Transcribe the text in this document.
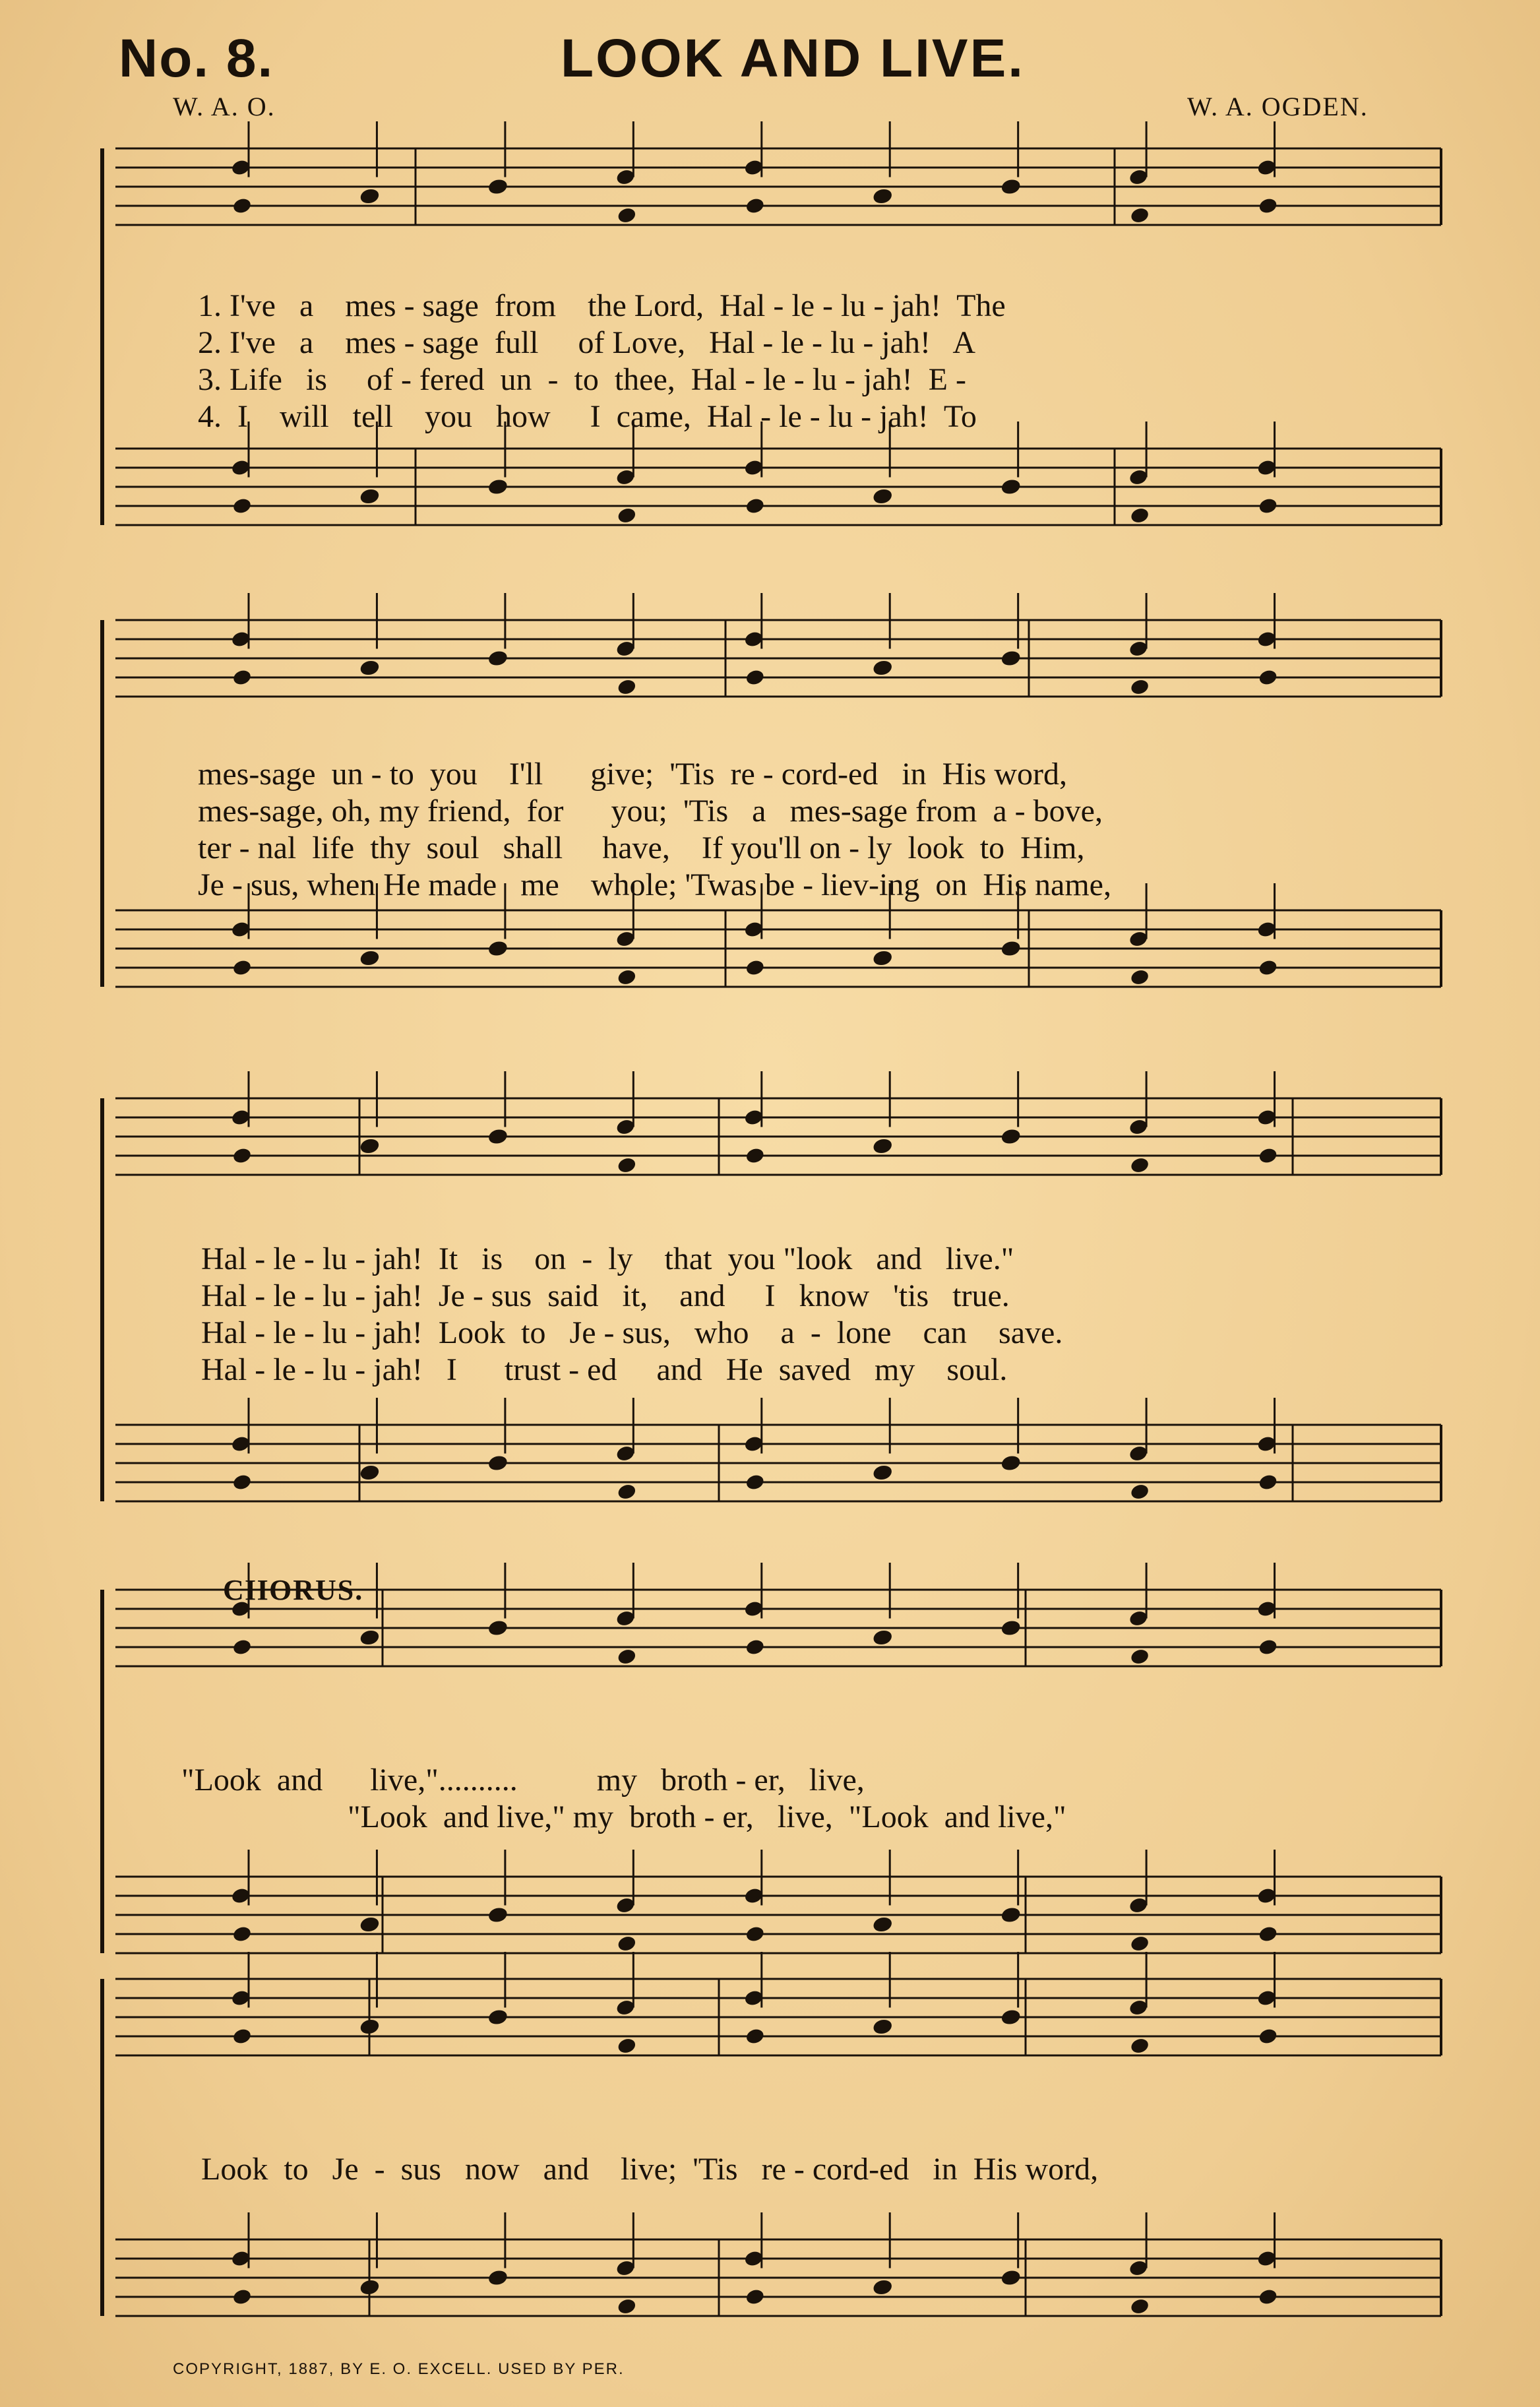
No. 8.	LOOK AND LIVE.
W. A. O.	W. A. OGDEN.
1. I've   a    mes - sage  from    the Lord,  Hal - le - lu - jah!  The
2. I've   a    mes - sage  full     of Love,   Hal - le - lu - jah!   A
3. Life   is     of - fered  un  -  to  thee,  Hal - le - lu - jah!  E -
4.  I    will   tell    you   how     I  came,  Hal - le - lu - jah!  To
mes-sage  un - to  you    I'll      give;  'Tis  re - cord-ed   in  His word,
mes-sage, oh, my friend,  for      you;  'Tis   a   mes-sage from  a - bove,
ter - nal  life  thy  soul   shall     have,    If you'll on - ly  look  to  Him,
Je - sus, when He made   me    whole; 'Twas be - liev-ing  on  His name,
Hal - le - lu - jah!  It   is    on  -  ly    that  you "look   and   live."
Hal - le - lu - jah!  Je - sus  said   it,    and     I   know   'tis   true.
Hal - le - lu - jah!  Look  to   Je - sus,   who    a  -  lone    can    save.
Hal - le - lu - jah!   I      trust - ed     and   He  saved   my    soul.
CHORUS.
"Look  and      live,"..........          my   broth - er,   live,
"Look  and live," my  broth - er,   live,  "Look  and live,"
Look  to   Je  -  sus   now   and    live;  'Tis   re - cord-ed   in  His word,
COPYRIGHT, 1887, BY E. O. EXCELL. USED BY PER.
